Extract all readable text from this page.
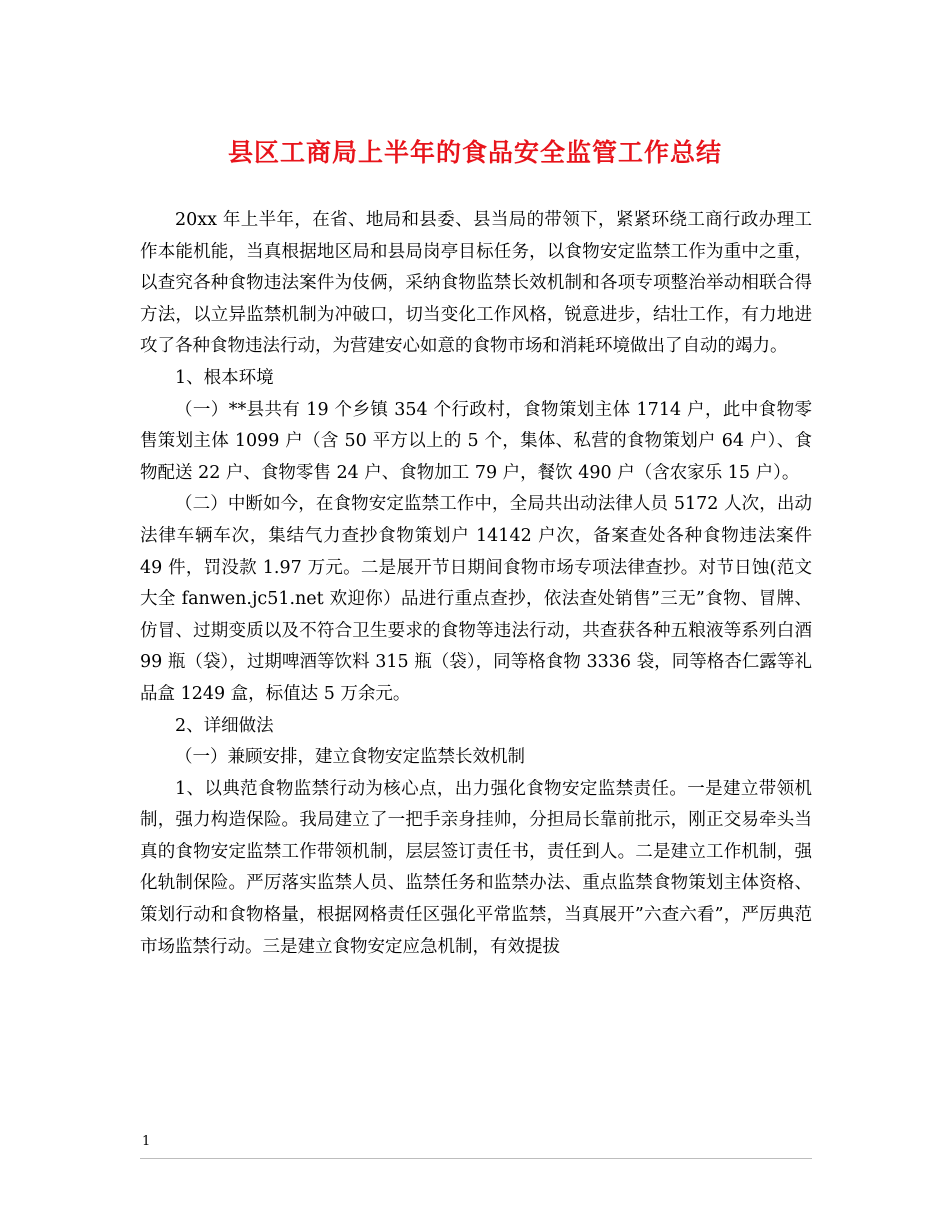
县区工商局上半年的食品安全监管工作总结

20xx 年上半年，在省、地局和县委、县当局的带领下，紧紧环绕工商行政办理工作本能机能，当真根据地区局和县局岗亭目标任务，以食物安定监禁工作为重中之重，以查究各种食物违法案件为伎俩，采纳食物监禁长效机制和各项专项整治举动相联合得方法，以立异监禁机制为冲破口，切当变化工作风格，锐意进步，结壮工作，有力地进攻了各种食物违法行动，为营建安心如意的食物市场和消耗环境做出了自动的竭力。

1、根本环境

（一）**县共有 19 个乡镇 354 个行政村，食物策划主体 1714 户，此中食物零售策划主体 1099 户（含 50 平方以上的 5 个，集体、私营的食物策划户 64 户）、食物配送 22 户、食物零售 24 户、食物加工 79 户，餐饮 490 户（含农家乐 15 户）。

（二）中断如今，在食物安定监禁工作中，全局共出动法律人员 5172 人次，出动法律车辆车次，集结气力查抄食物策划户 14142 户次，备案查处各种食物违法案件 49 件，罚没款 1.97 万元。二是展开节日期间食物市场专项法律查抄。对节日蚀(范文大全 fanwen.jc51.net 欢迎你）品进行重点查抄，依法查处销售”三无”食物、冒牌、仿冒、过期变质以及不符合卫生要求的食物等违法行动，共查获各种五粮液等系列白酒 99 瓶（袋），过期啤酒等饮料 315 瓶（袋），同等格食物 3336 袋，同等格杏仁露等礼品盒 1249 盒，标值达 5 万余元。

2、详细做法

（一）兼顾安排，建立食物安定监禁长效机制

1、以典范食物监禁行动为核心点，出力强化食物安定监禁责任。一是建立带领机制，强力构造保险。我局建立了一把手亲身挂帅，分担局长靠前批示，刚正交易牵头当真的食物安定监禁工作带领机制，层层签订责任书，责任到人。二是建立工作机制，强化轨制保险。严厉落实监禁人员、监禁任务和监禁办法、重点监禁食物策划主体资格、策划行动和食物格量，根据网格责任区强化平常监禁，当真展开”六查六看”，严厉典范市场监禁行动。三是建立食物安定应急机制，有效提拔

1
